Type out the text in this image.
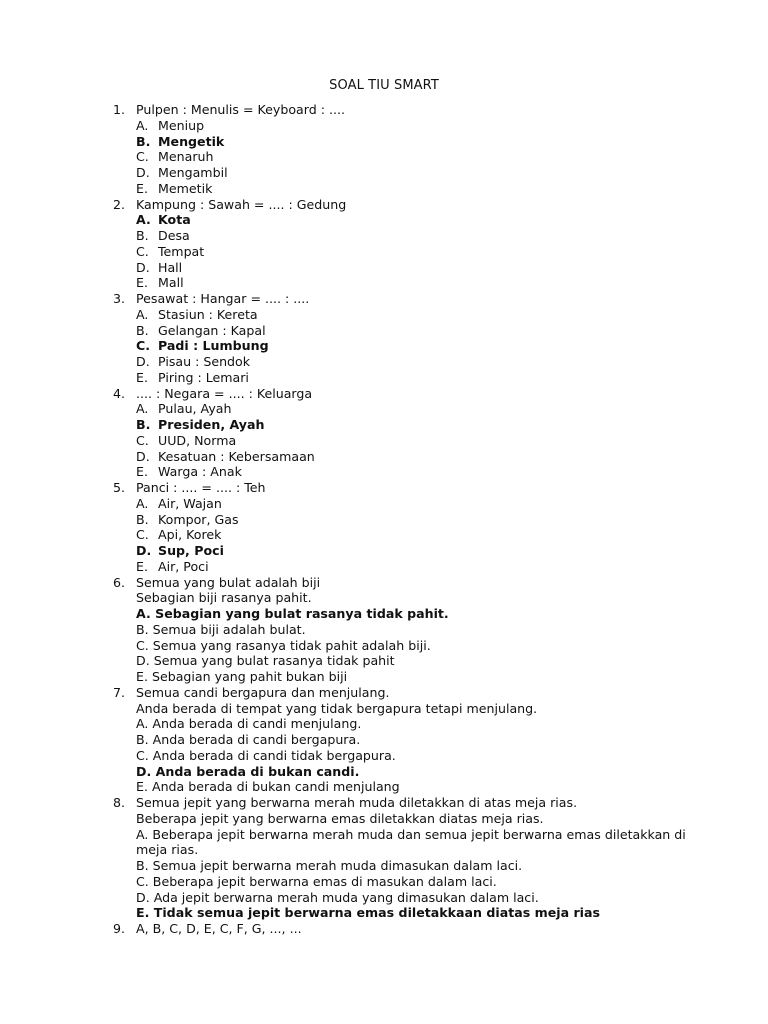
SOAL TIU SMART
1. Pulpen : Menulis = Keyboard : ....
A. Meniup
B. Mengetik
C. Menaruh
D. Mengambil
E. Memetik
2. Kampung : Sawah = .... : Gedung
A. Kota
B. Desa
C. Tempat
D. Hall
E. Mall
3. Pesawat : Hangar = .... : ....
A. Stasiun : Kereta
B. Gelangan : Kapal
C. Padi : Lumbung
D. Pisau : Sendok
E. Piring : Lemari
4. .... : Negara = .... : Keluarga
A. Pulau, Ayah
B. Presiden, Ayah
C. UUD, Norma
D. Kesatuan : Kebersamaan
E. Warga : Anak
5. Panci : .... = .... : Teh
A. Air, Wajan
B. Kompor, Gas
C. Api, Korek
D. Sup, Poci
E. Air, Poci
6. Semua yang bulat adalah biji
Sebagian biji rasanya pahit.
A. Sebagian yang bulat rasanya tidak pahit.
B. Semua biji adalah bulat.
C. Semua yang rasanya tidak pahit adalah biji.
D. Semua yang bulat rasanya tidak pahit
E. Sebagian yang pahit bukan biji
7. Semua candi bergapura dan menjulang.
Anda berada di tempat yang tidak bergapura tetapi menjulang.
A. Anda berada di candi menjulang.
B. Anda berada di candi bergapura.
C. Anda berada di candi tidak bergapura.
D. Anda berada di bukan candi.
E. Anda berada di bukan candi menjulang
8. Semua jepit yang berwarna merah muda diletakkan di atas meja rias.
Beberapa jepit yang berwarna emas diletakkan diatas meja rias.
A. Beberapa jepit berwarna merah muda dan semua jepit berwarna emas diletakkan di
meja rias.
B. Semua jepit berwarna merah muda dimasukan dalam laci.
C. Beberapa jepit berwarna emas di masukan dalam laci.
D. Ada jepit berwarna merah muda yang dimasukan dalam laci.
E. Tidak semua jepit berwarna emas diletakkaan diatas meja rias
9. A, B, C, D, E, C, F, G, ..., ...
